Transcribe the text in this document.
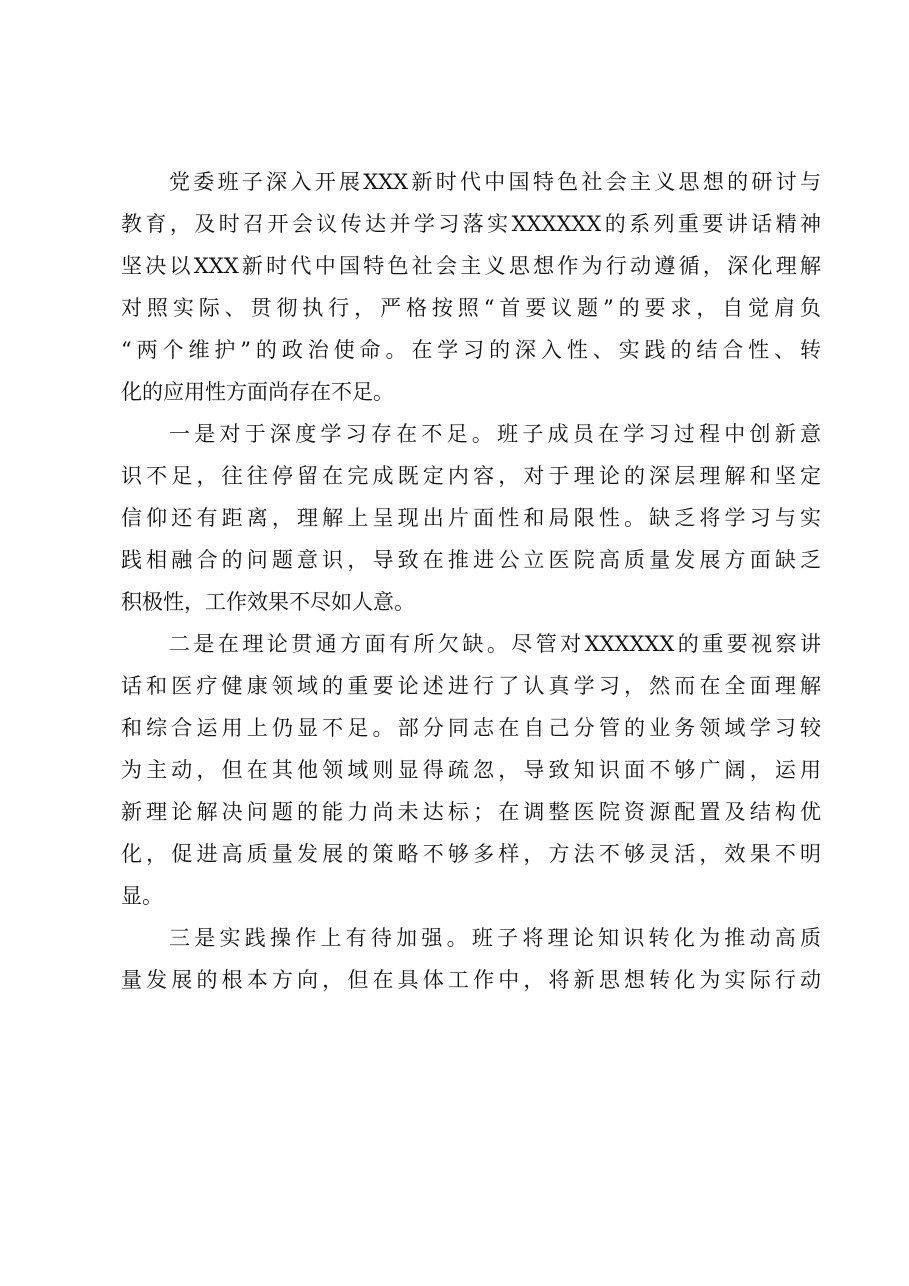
党委班子深入开展XXX新时代中国特色社会主义思想的研讨与
教育，及时召开会议传达并学习落实XXXXXX的系列重要讲话精神
坚决以XXX新时代中国特色社会主义思想作为行动遵循，深化理解
对照实际、贯彻执行，严格按照“首要议题”的要求，自觉肩负
“两个维护”的政治使命。在学习的深入性、实践的结合性、转
化的应用性方面尚存在不足。
一是对于深度学习存在不足。班子成员在学习过程中创新意
识不足，往往停留在完成既定内容，对于理论的深层理解和坚定
信仰还有距离，理解上呈现出片面性和局限性。缺乏将学习与实
践相融合的问题意识，导致在推进公立医院高质量发展方面缺乏
积极性，工作效果不尽如人意。
二是在理论贯通方面有所欠缺。尽管对XXXXXX的重要视察讲
话和医疗健康领域的重要论述进行了认真学习，然而在全面理解
和综合运用上仍显不足。部分同志在自己分管的业务领域学习较
为主动，但在其他领域则显得疏忽，导致知识面不够广阔，运用
新理论解决问题的能力尚未达标；在调整医院资源配置及结构优
化，促进高质量发展的策略不够多样，方法不够灵活，效果不明
显。
三是实践操作上有待加强。班子将理论知识转化为推动高质
量发展的根本方向，但在具体工作中，将新思想转化为实际行动
